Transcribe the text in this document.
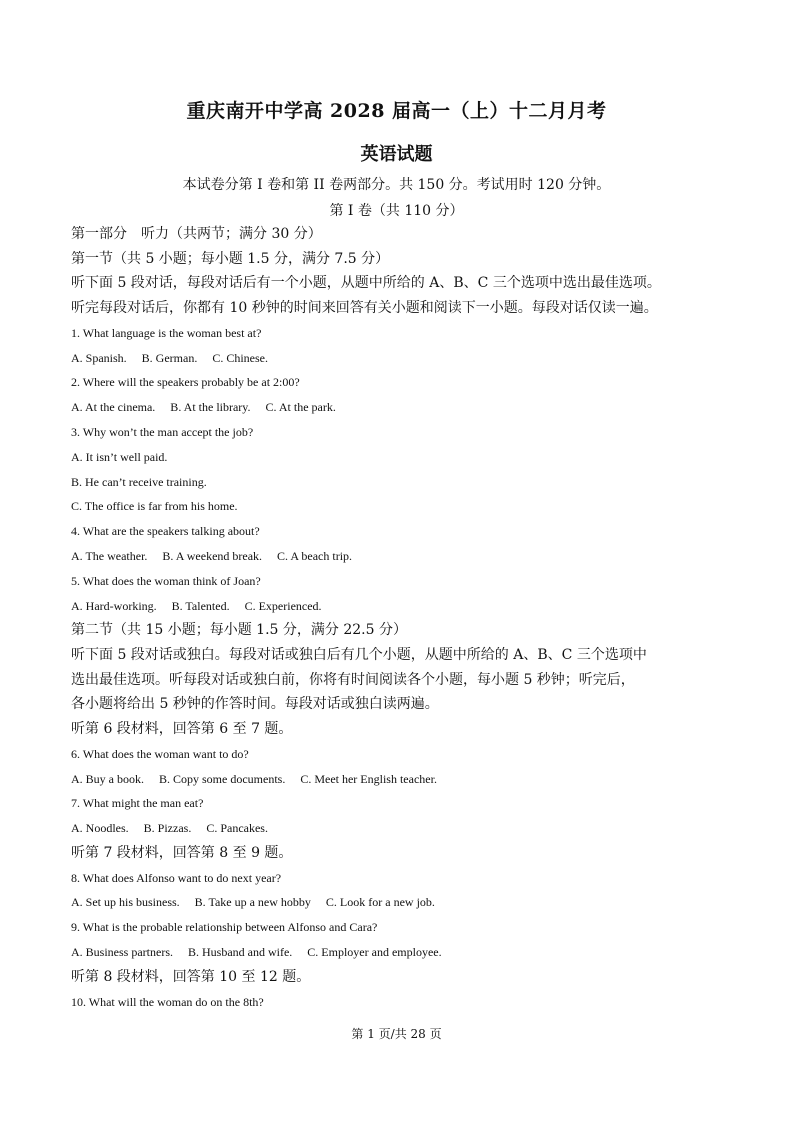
重庆南开中学高 2028 届高一（上）十二月月考
英语试题
本试卷分第 I 卷和第 II 卷两部分。共 150 分。考试用时 120 分钟。
第 I 卷（共 110 分）
第一部分　听力（共两节；满分 30 分）
第一节（共 5 小题；每小题 1.5 分，满分 7.5 分）
听下面 5 段对话，每段对话后有一个小题，从题中所给的 A、B、C 三个选项中选出最佳选项。
听完每段对话后，你都有 10 秒钟的时间来回答有关小题和阅读下一小题。每段对话仅读一遍。
1. What language is the woman best at?
A. Spanish.　 B. German.　 C. Chinese.
2. Where will the speakers probably be at 2:00?
A. At the cinema.　 B. At the library.　 C. At the park.
3. Why won’t the man accept the job?
A. It isn’t well paid.
B. He can’t receive training.
C. The office is far from his home.
4. What are the speakers talking about?
A. The weather.　 B. A weekend break.　 C. A beach trip.
5. What does the woman think of Joan?
A. Hard-working.　 B. Talented.　 C. Experienced.
第二节（共 15 小题；每小题 1.5 分，满分 22.5 分）
听下面 5 段对话或独白。每段对话或独白后有几个小题，从题中所给的 A、B、C 三个选项中
选出最佳选项。听每段对话或独白前，你将有时间阅读各个小题，每小题 5 秒钟；听完后，
各小题将给出 5 秒钟的作答时间。每段对话或独白读两遍。
听第 6 段材料，回答第 6 至 7 题。
6. What does the woman want to do?
A. Buy a book.　 B. Copy some documents.　 C. Meet her English teacher.
7. What might the man eat?
A. Noodles.　 B. Pizzas.　 C. Pancakes.
听第 7 段材料，回答第 8 至 9 题。
8. What does Alfonso want to do next year?
A. Set up his business.　 B. Take up a new hobby　 C. Look for a new job.
9. What is the probable relationship between Alfonso and Cara?
A. Business partners.　 B. Husband and wife.　 C. Employer and employee.
听第 8 段材料，回答第 10 至 12 题。
10. What will the woman do on the 8th?
第 1 页/共 28 页
